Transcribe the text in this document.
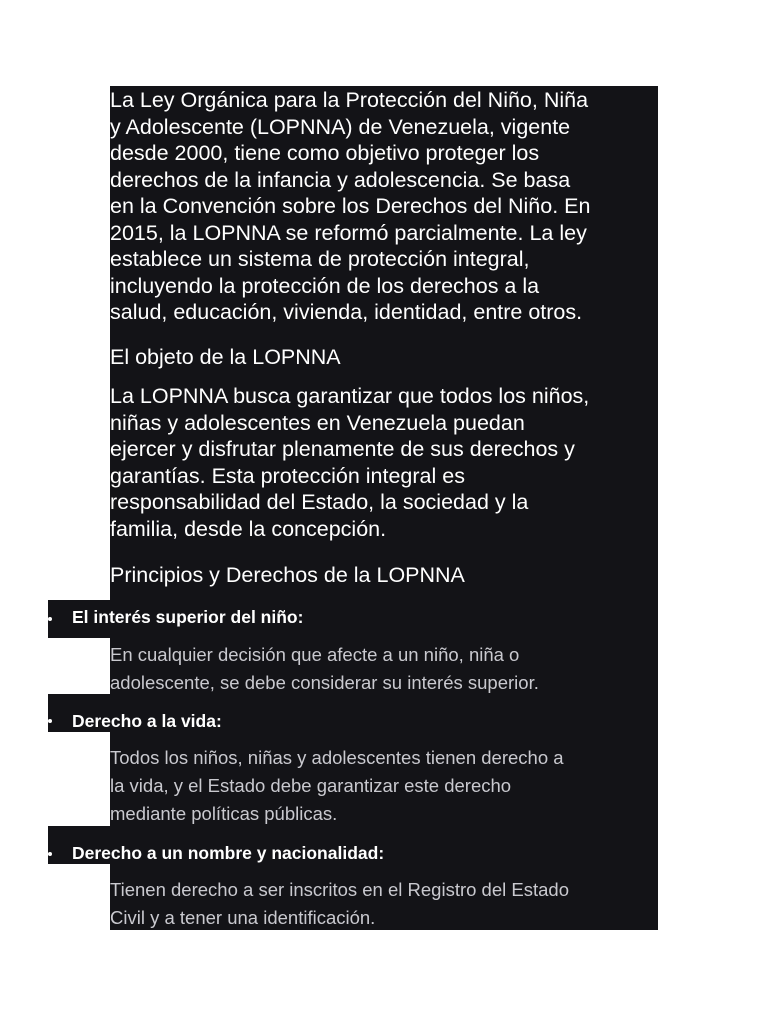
La Ley Orgánica para la Protección del Niño, Niña
y Adolescente (LOPNNA) de Venezuela, vigente
desde 2000, tiene como objetivo proteger los
derechos de la infancia y adolescencia. Se basa
en la Convención sobre los Derechos del Niño. En
2015, la LOPNNA se reformó parcialmente. La ley
establece un sistema de protección integral,
incluyendo la protección de los derechos a la
salud, educación, vivienda, identidad, entre otros.

El objeto de la LOPNNA

La LOPNNA busca garantizar que todos los niños,
niñas y adolescentes en Venezuela puedan
ejercer y disfrutar plenamente de sus derechos y
garantías. Esta protección integral es
responsabilidad del Estado, la sociedad y la
familia, desde la concepción.

Principios y Derechos de la LOPNNA
El interés superior del niño:

En cualquier decisión que afecte a un niño, niña o
adolescente, se debe considerar su interés superior.

Derecho a la vida:

Todos los niños, niñas y adolescentes tienen derecho a
la vida, y el Estado debe garantizar este derecho
mediante políticas públicas.

Derecho a un nombre y nacionalidad:

Tienen derecho a ser inscritos en el Registro del Estado
Civil y a tener una identificación.
